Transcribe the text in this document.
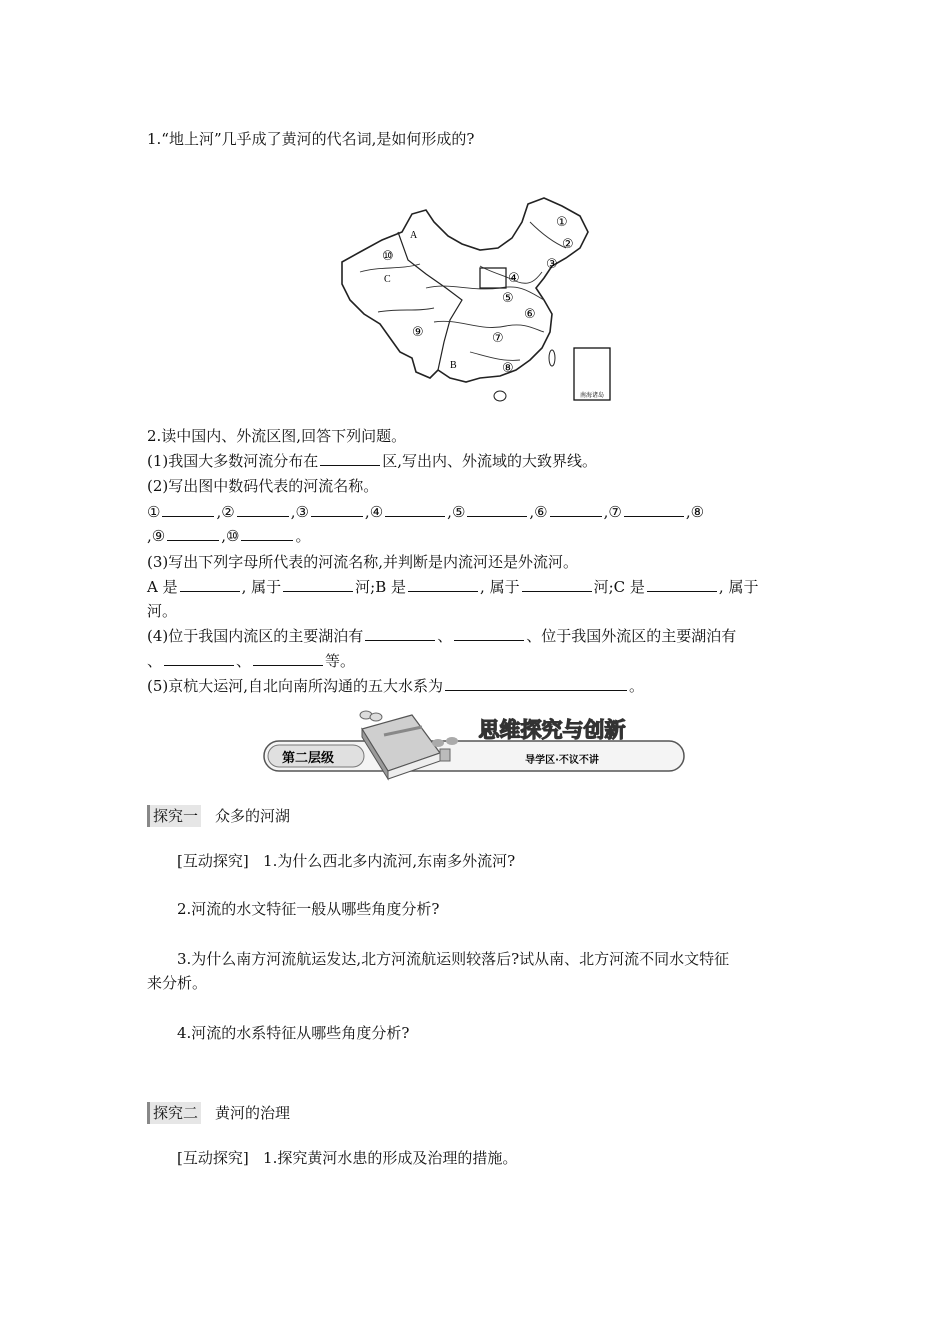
1.“地上河”几乎成了黄河的代名词,是如何形成的?
南海诸岛
A
C
B
①
②
③
④
⑤
⑥
⑦
⑧
⑨
⑩
2.读中国内、外流区图,回答下列问题。
(1)我国大多数河流分布在	区,写出内、外流域的大致界线。
(2)写出图中数码代表的河流名称。
①	,②	,③	,④	,⑤	,⑥	,⑦	,⑧
,⑨	,⑩	。
(3)写出下列字母所代表的河流名称,并判断是内流河还是外流河。
A 是	, 属于	河;B 是	, 属于	河;C 是	, 属于
河。
(4)位于我国内流区的主要湖泊有	、	、位于我国外流区的主要湖泊有
、	、	等。
(5)京杭大运河,自北向南所沟通的五大水系为	。
第二层级
思维探究与创新
导学区·不议不讲
探究一 众多的河湖
[互动探究] 1.为什么西北多内流河,东南多外流河?
2.河流的水文特征一般从哪些角度分析?
3.为什么南方河流航运发达,北方河流航运则较落后?试从南、北方河流不同水文特征
来分析。
4.河流的水系特征从哪些角度分析?
探究二 黄河的治理
[互动探究] 1.探究黄河水患的形成及治理的措施。
